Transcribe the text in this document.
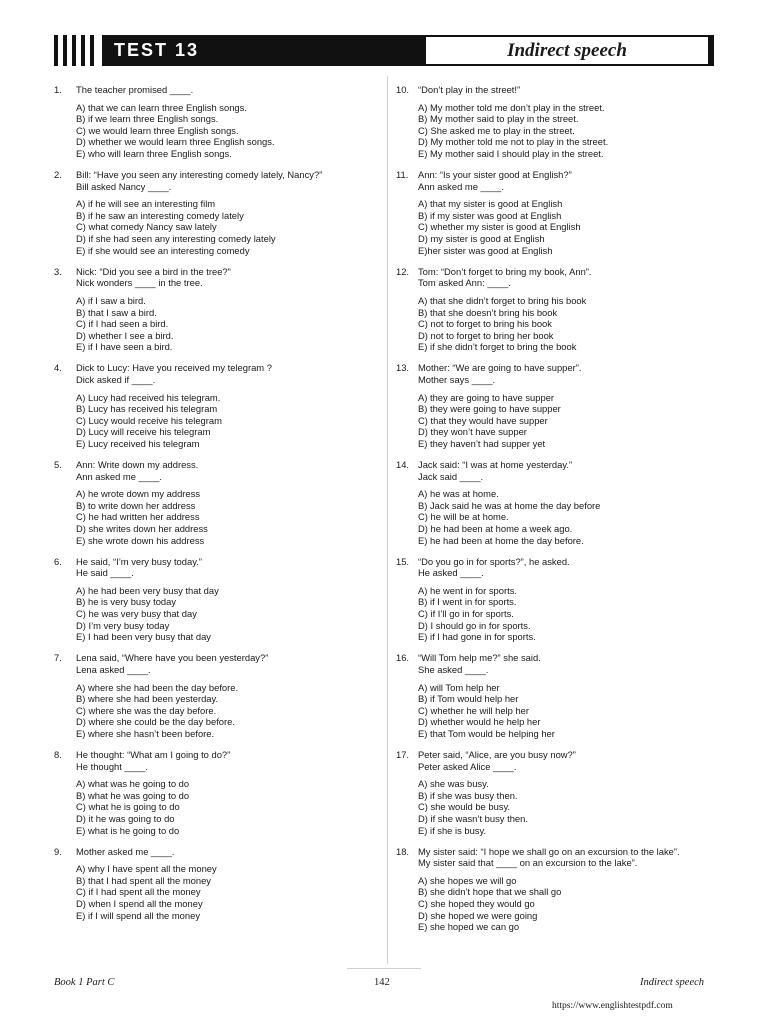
TEST 13	Indirect speech
1.	The teacher promised ____.
A) that we can learn three English songs.
B) if we learn three English songs.
C) we would learn three English songs.
D) whether we would learn three English songs.
E) who will learn three English songs.
2.	Bill: “Have you seen any interesting comedy lately, Nancy?”
Bill asked Nancy ____.
A) if he will see an interesting film
B) if he saw an interesting comedy lately
C) what comedy Nancy saw lately
D) if she had seen any interesting comedy lately
E) if she would see an interesting comedy
3.	Nick: “Did you see a bird in the tree?”
Nick wonders ____ in the tree.
A) if I saw a bird.
B) that I saw a bird.
C) if I had seen a bird.
D) whether I see a bird.
E) if I have seen a bird.
4.	Dick to Lucy: Have you received my telegram ?
Dick asked if ____.
A) Lucy had received his telegram.
B) Lucy has received his telegram
C) Lucy would receive his telegram
D) Lucy will receive his telegram
E) Lucy received his telegram
5.	Ann: Write down my address.
Ann asked me ____.
A) he wrote down my address
B) to write down her address
C) he had written her address
D) she writes down her address
E) she wrote down his address
6.	He said, “I’m very busy today.”
He said ____.
A) he had been very busy that day
B) he is very busy today
C) he was very busy that day
D) I’m very busy today
E) I had been very busy that day
7.	Lena said, “Where have you been yesterday?”
Lena asked ____.
A) where she had been the day before.
B) where she had been yesterday.
C) where she was the day before.
D) where she could be the day before.
E) where she hasn’t been before.
8.	He thought: “What am I going to do?”
He thought ____.
A) what was he going to do
B) what he was going to do
C) what he is going to do
D) it he was going to do
E) what is he going to do
9.	Mother asked me ____.
A) why I have spent all the money
B) that I had spent all the money
C) if I had spent all the money
D) when I spend all the money
E) if I will spend all the money
10. “Don’t play in the street!”
A) My mother told me don’t play in the street.
B) My mother said to play in the street.
C) She asked me to play in the street.
D) My mother told me not to play in the street.
E) My mother said I should play in the street.
11.	Ann: “Is your sister good at English?”
Ann asked me ____.
A) that my sister is good at English
B) if my sister was good at English
C) whether my sister is good at English
D) my sister is good at English
E)her sister was good at English
12. Tom: “Don’t forget to bring my book, Ann”.
Tom asked Ann: ____.
A) that she didn’t forget to bring his book
B) that she doesn’t bring his book
C) not to forget to bring his book
D) not to forget to bring her book
E) if she didn’t forget to bring the book
13. Mother: “We are going to have supper”.
Mother says ____.
A) they are going to have supper
B) they were going to have supper
C) that they would have supper
D) they won’t have supper
E) they haven’t had supper yet
14. Jack said: “I was at home yesterday.”
Jack said ____.
A) he was at home.
B) Jack said he was at home the day before
C) he will be at home.
D) he had been at home a week ago.
E) he had been at home the day before.
15. “Do you go in for sports?”, he asked.
He asked ____.
A) he went in for sports.
B) if I went in for sports.
C) if I’ll go in for sports.
D) I should go in for sports.
E) if I had gone in for sports.
16. “Will Tom help me?” she said.
She asked ____.
A) will Tom help her
B) if Tom would help her
C) whether he will help her
D) whether would he help her
E) that Tom would be helping her
17. Peter said, “Alice, are you busy now?”
Peter asked Alice ____.
A) she was busy.
B) if she was busy then.
C) she would be busy.
D) if she wasn’t busy then.
E) if she is busy.
18. My sister said: “I hope we shall go on an excursion to the lake”.
My sister said that ____ on an excursion to the lake”.
A) she hopes we will go
B) she didn’t hope that we shall go
C) she hoped they would go
D) she hoped we were going
E) she hoped we can go
Book 1 Part C	142	Indirect speech
https://www.englishtestpdf.com
